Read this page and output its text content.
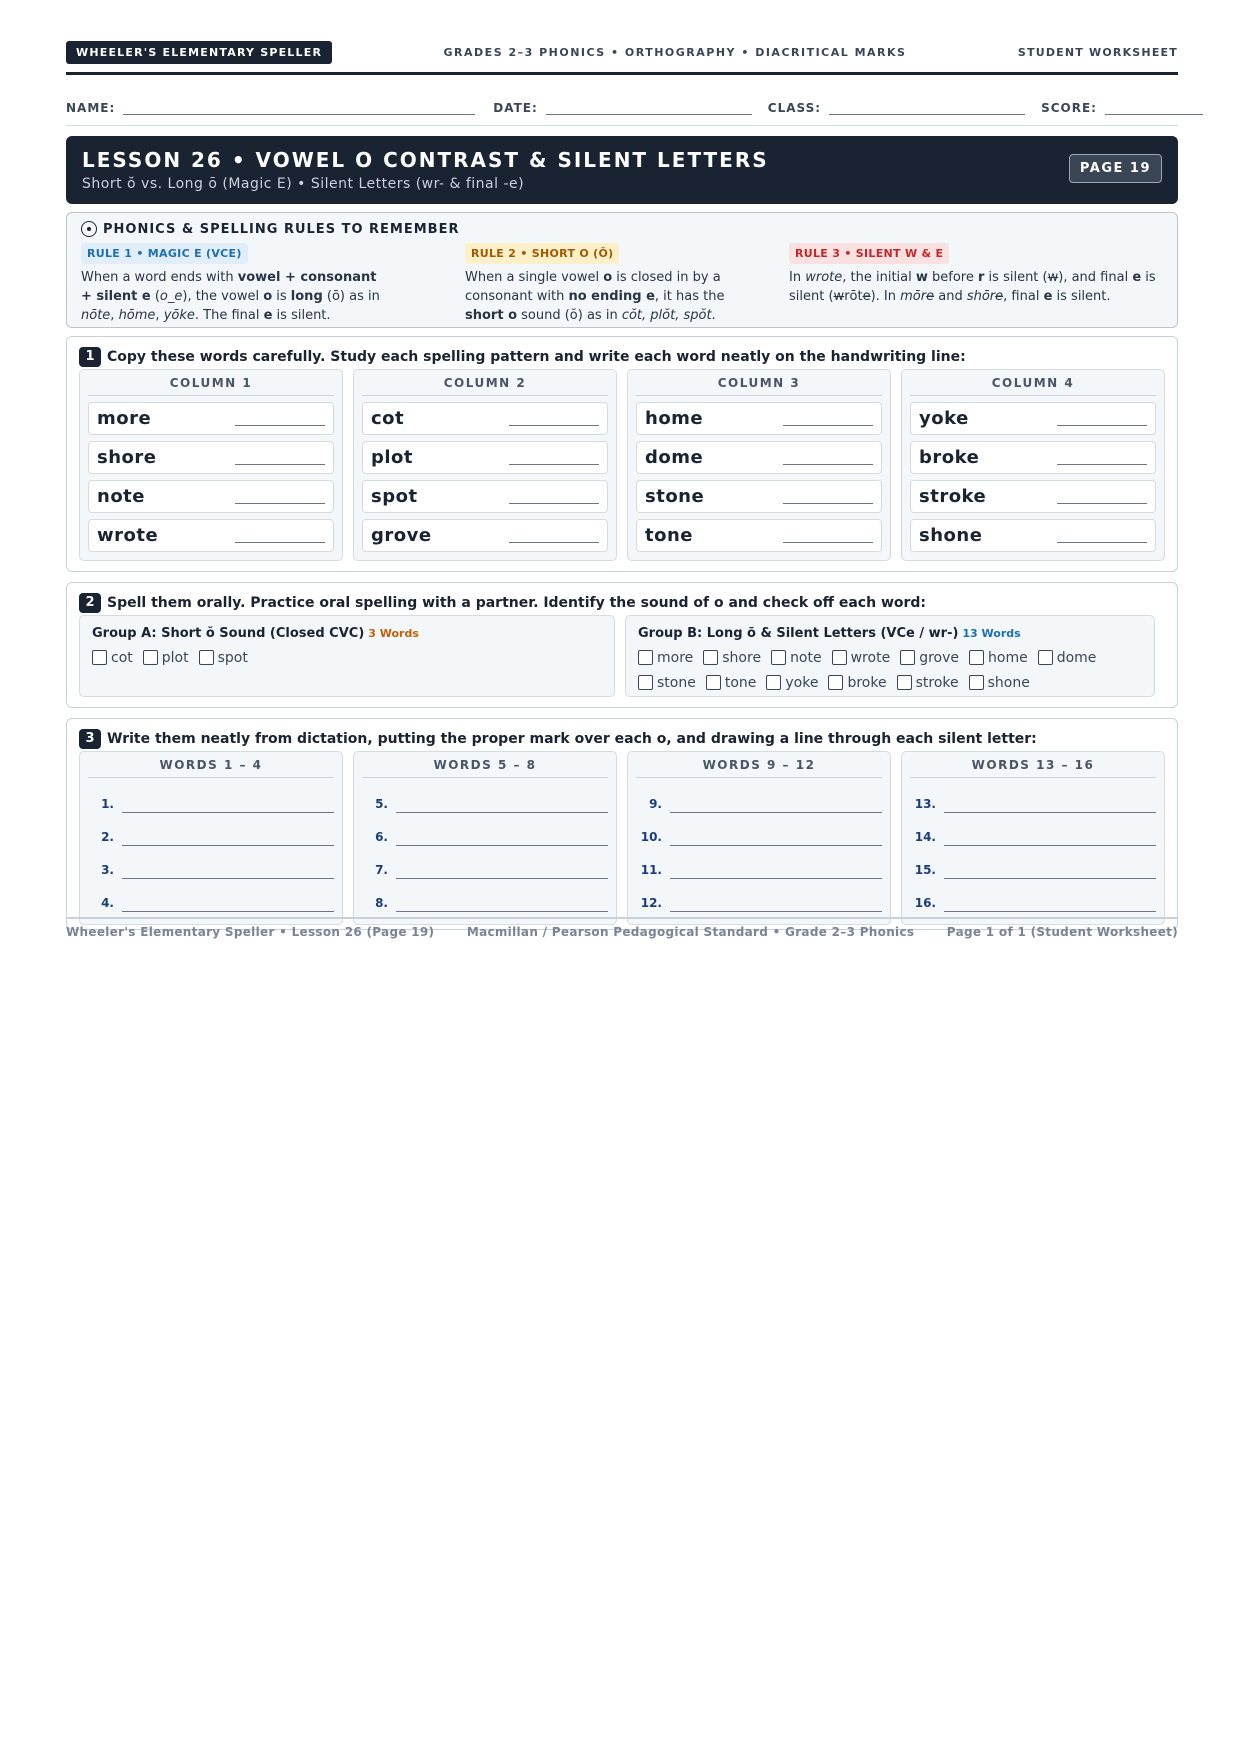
WHEELER'S ELEMENTARY SPELLER	GRADES 2–3 PHONICS • ORTHOGRAPHY • DIACRITICAL MARKS	STUDENT WORKSHEET
NAME:	DATE:	CLASS:	SCORE:
LESSON 26 • VOWEL O CONTRAST & SILENT LETTERS
Short ŏ vs. Long ō (Magic E) • Silent Letters (wr- & final -e)
PAGE 19
PHONICS & SPELLING RULES TO REMEMBER
RULE 1 • MAGIC E (VCE)
When a word ends with vowel + consonant + silent e (o_e), the vowel o is long (ō) as in nōte, hōme, yōke. The final e is silent.
RULE 2 • SHORT O (Ŏ)
When a single vowel o is closed in by a consonant with no ending e, it has the short o sound (ŏ) as in cŏt, plŏt, spŏt.
RULE 3 • SILENT W & E
In wrote, the initial w before r is silent (w), and final e is silent (wrōte). In mōre and shōre, final e is silent.
1 Copy these words carefully. Study each spelling pattern and write each word neatly on the handwriting line:
COLUMN 1
more
shore
note
wrote
COLUMN 2
cot
plot
spot
grove
COLUMN 3
home
dome
stone
tone
COLUMN 4
yoke
broke
stroke
shone
2 Spell them orally. Practice oral spelling with a partner. Identify the sound of o and check off each word:
Group A: Short ŏ Sound (Closed CVC) 3 Words
cot plot spot
Group B: Long ō & Silent Letters (VCe / wr-) 13 Words
more shore note wrote grove home dome
stone tone yoke broke stroke shone
3 Write them neatly from dictation, putting the proper mark over each o, and drawing a line through each silent letter:
WORDS 1 – 4
1.
2.
3.
4.
WORDS 5 – 8
5.
6.
7.
8.
WORDS 9 – 12
9.
10.
11.
12.
WORDS 13 – 16
13.
14.
15.
16.
Wheeler's Elementary Speller • Lesson 26 (Page 19)	Macmillan / Pearson Pedagogical Standard • Grade 2–3 Phonics	Page 1 of 1 (Student Worksheet)
